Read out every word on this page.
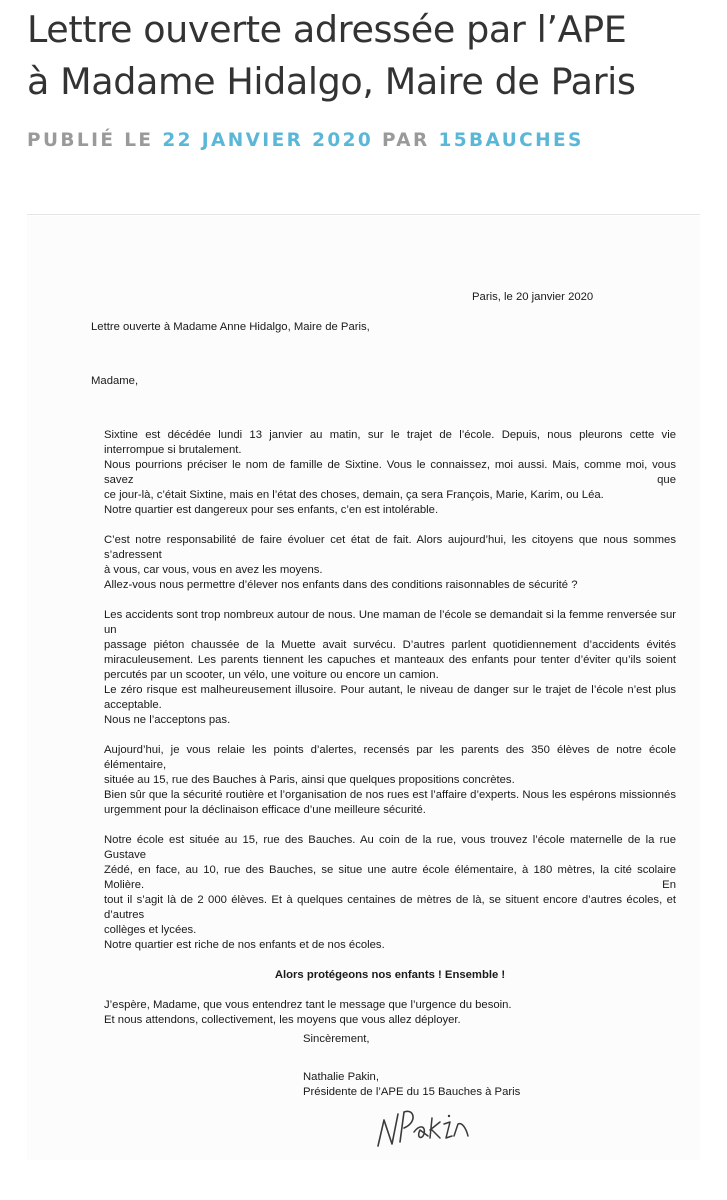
Lettre ouverte adressée par l’APE
à Madame Hidalgo, Maire de Paris
PUBLIÉ LE 22 JANVIER 2020 PAR 15BAUCHES
Paris, le 20 janvier 2020
Lettre ouverte à Madame Anne Hidalgo, Maire de Paris,
Madame,

Sixtine est décédée lundi 13 janvier au matin, sur le trajet de l’école. Depuis, nous pleurons cette vie
interrompue si brutalement.
Nous pourrions préciser le nom de famille de Sixtine. Vous le connaissez, moi aussi. Mais, comme moi, vous savez que
ce jour-là, c’était Sixtine, mais en l’état des choses, demain, ça sera François, Marie, Karim, ou Léa.
Notre quartier est dangereux pour ses enfants, c’en est intolérable.

C’est notre responsabilité de faire évoluer cet état de fait. Alors aujourd’hui, les citoyens que nous sommes s’adressent
à vous, car vous, vous en avez les moyens.
Allez-vous nous permettre d’élever nos enfants dans des conditions raisonnables de sécurité ?

Les accidents sont trop nombreux autour de nous. Une maman de l’école se demandait si la femme renversée sur un
passage piéton chaussée de la Muette avait survécu. D’autres parlent quotidiennement d’accidents évités
miraculeusement. Les parents tiennent les capuches et manteaux des enfants pour tenter d’éviter qu’ils soient
percutés par un scooter, un vélo, une voiture ou encore un camion.
Le zéro risque est malheureusement illusoire. Pour autant, le niveau de danger sur le trajet de l’école n’est plus
acceptable.
Nous ne l’acceptons pas.

Aujourd’hui, je vous relaie les points d’alertes, recensés par les parents des 350 élèves de notre école élémentaire,
située au 15, rue des Bauches à Paris, ainsi que quelques propositions concrètes.
Bien sûr que la sécurité routière et l’organisation de nos rues est l’affaire d’experts. Nous les espérons missionnés
urgemment pour la déclinaison efficace d’une meilleure sécurité.

Notre école est située au 15, rue des Bauches. Au coin de la rue, vous trouvez l’école maternelle de la rue Gustave
Zédé, en face, au 10, rue des Bauches, se situe une autre école élémentaire, à 180 mètres, la cité scolaire Molière. En
tout il s’agit là de 2 000 élèves. Et à quelques centaines de mètres de là, se situent encore d’autres écoles, et d’autres
collèges et lycées.
Notre quartier est riche de nos enfants et de nos écoles.

Alors protégeons nos enfants ! Ensemble !

J’espère, Madame, que vous entendrez tant le message que l’urgence du besoin.
Et nous attendons, collectivement, les moyens que vous allez déployer.

Sincèrement,
Nathalie Pakin,
Présidente de l’APE du 15 Bauches à Paris
